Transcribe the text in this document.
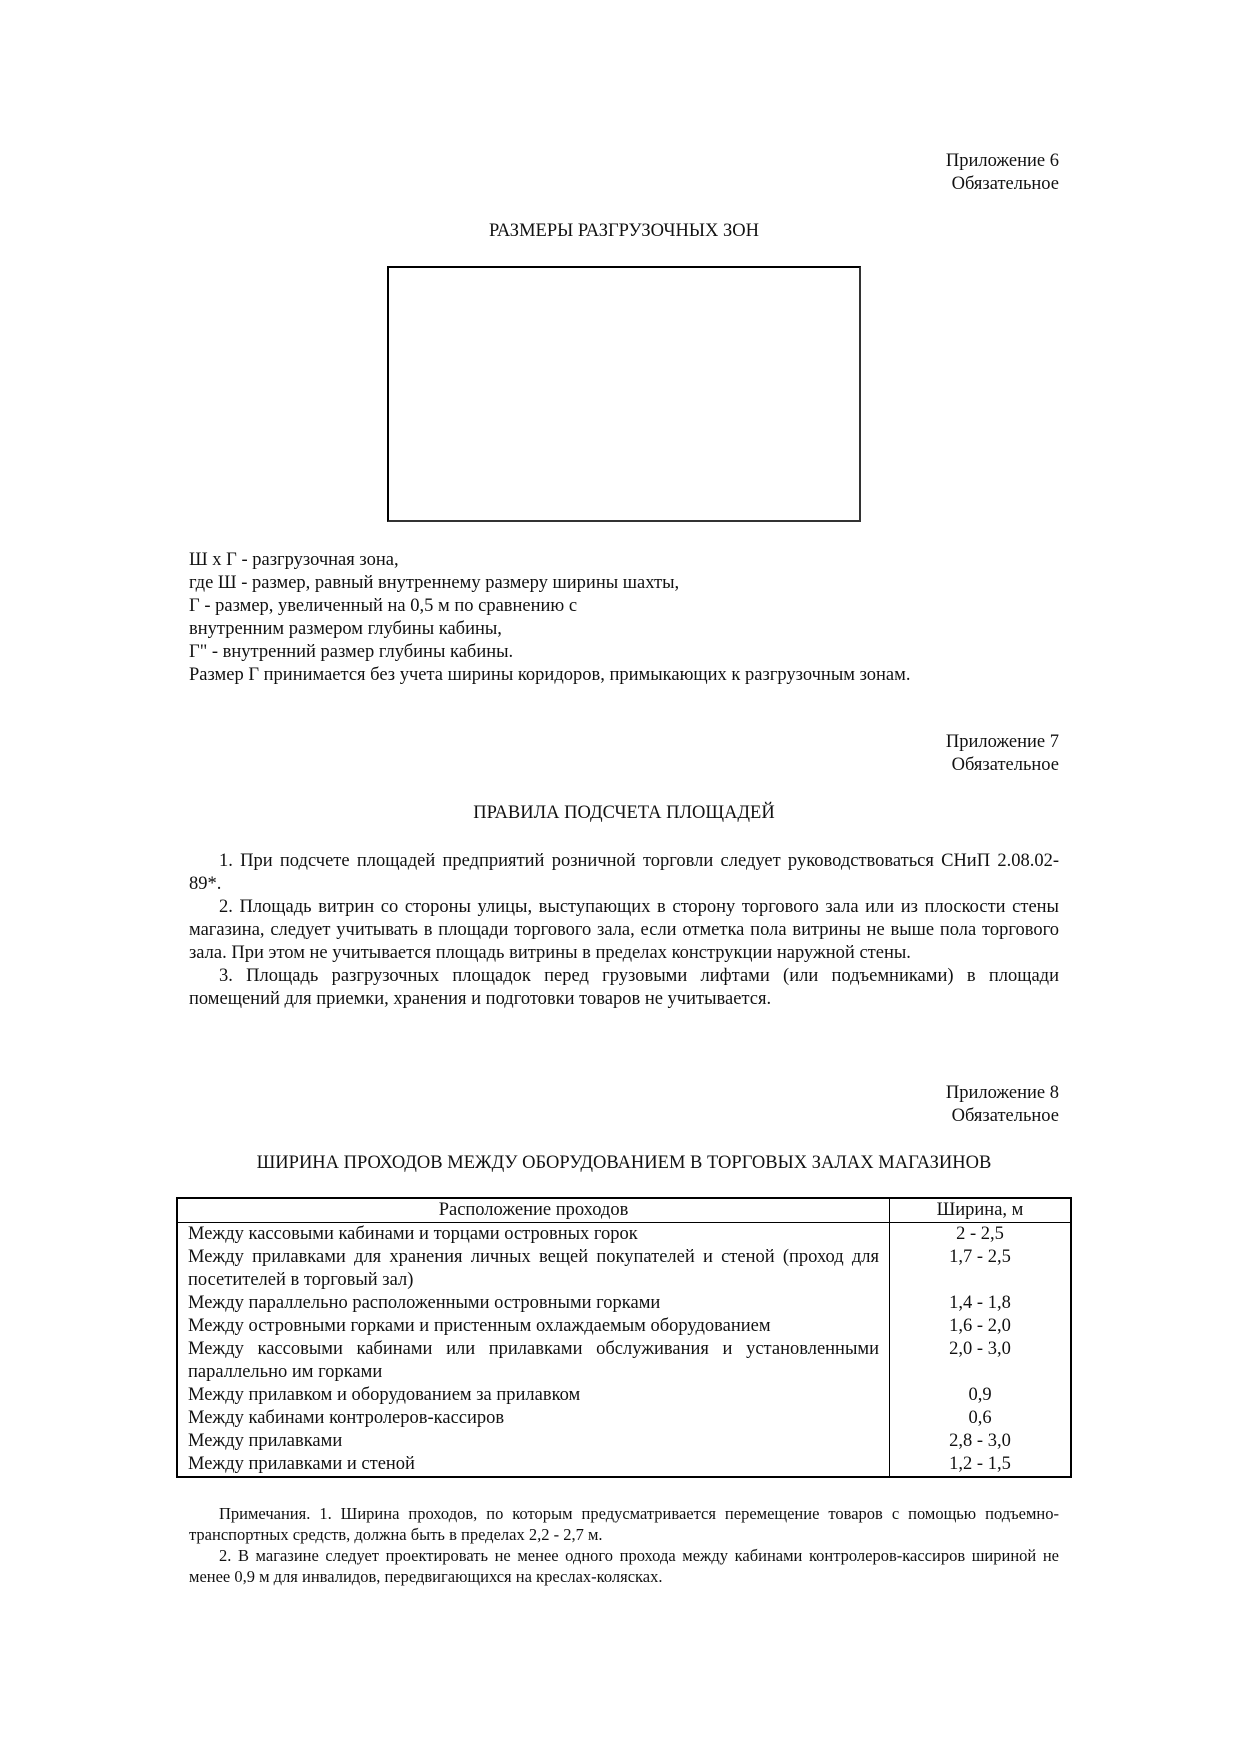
Приложение 6
Обязательное
РАЗМЕРЫ РАЗГРУЗОЧНЫХ ЗОН
Ш х Г - разгрузочная зона,
где Ш - размер, равный внутреннему размеру ширины шахты,
Г - размер, увеличенный на 0,5 м по сравнению с
внутренним размером глубины кабины,
Г" - внутренний размер глубины кабины.
Размер Г принимается без учета ширины коридоров, примыкающих к разгрузочным зонам.
Приложение 7
Обязательное
ПРАВИЛА ПОДСЧЕТА ПЛОЩАДЕЙ

1. При подсчете площадей предприятий розничной торговли следует руководствоваться СНиП 2.08.02-89*.

2. Площадь витрин со стороны улицы, выступающих в сторону торгового зала или из плоскости стены магазина, следует учитывать в площади торгового зала, если отметка пола витрины не выше пола торгового зала. При этом не учитывается площадь витрины в пределах конструкции наружной стены.

3. Площадь разгрузочных площадок перед грузовыми лифтами (или подъемниками) в площади помещений для приемки, хранения и подготовки товаров не учитывается.

Приложение 8
Обязательное
ШИРИНА ПРОХОДОВ МЕЖДУ ОБОРУДОВАНИЕМ В ТОРГОВЫХ ЗАЛАХ МАГАЗИНОВ
Расположение проходов	Ширина, м
Между кассовыми кабинами и торцами островных горок	2 - 2,5
Между прилавками для хранения личных вещей покупателей и стеной (проход для посетителей в торговый зал)	1,7 - 2,5
Между параллельно расположенными островными горками	1,4 - 1,8
Между островными горками и пристенным охлаждаемым оборудованием	1,6 - 2,0
Между кассовыми кабинами или прилавками обслуживания и установленными параллельно им горками	2,0 - 3,0
Между прилавком и оборудованием за прилавком	0,9
Между кабинами контролеров-кассиров	0,6
Между прилавками	2,8 - 3,0
Между прилавками и стеной	1,2 - 1,5

Примечания. 1. Ширина проходов, по которым предусматривается перемещение товаров с помощью подъемно-транспортных средств, должна быть в пределах 2,2 - 2,7 м.

2. В магазине следует проектировать не менее одного прохода между кабинами контролеров-кассиров шириной не менее 0,9 м для инвалидов, передвигающихся на креслах-колясках.
